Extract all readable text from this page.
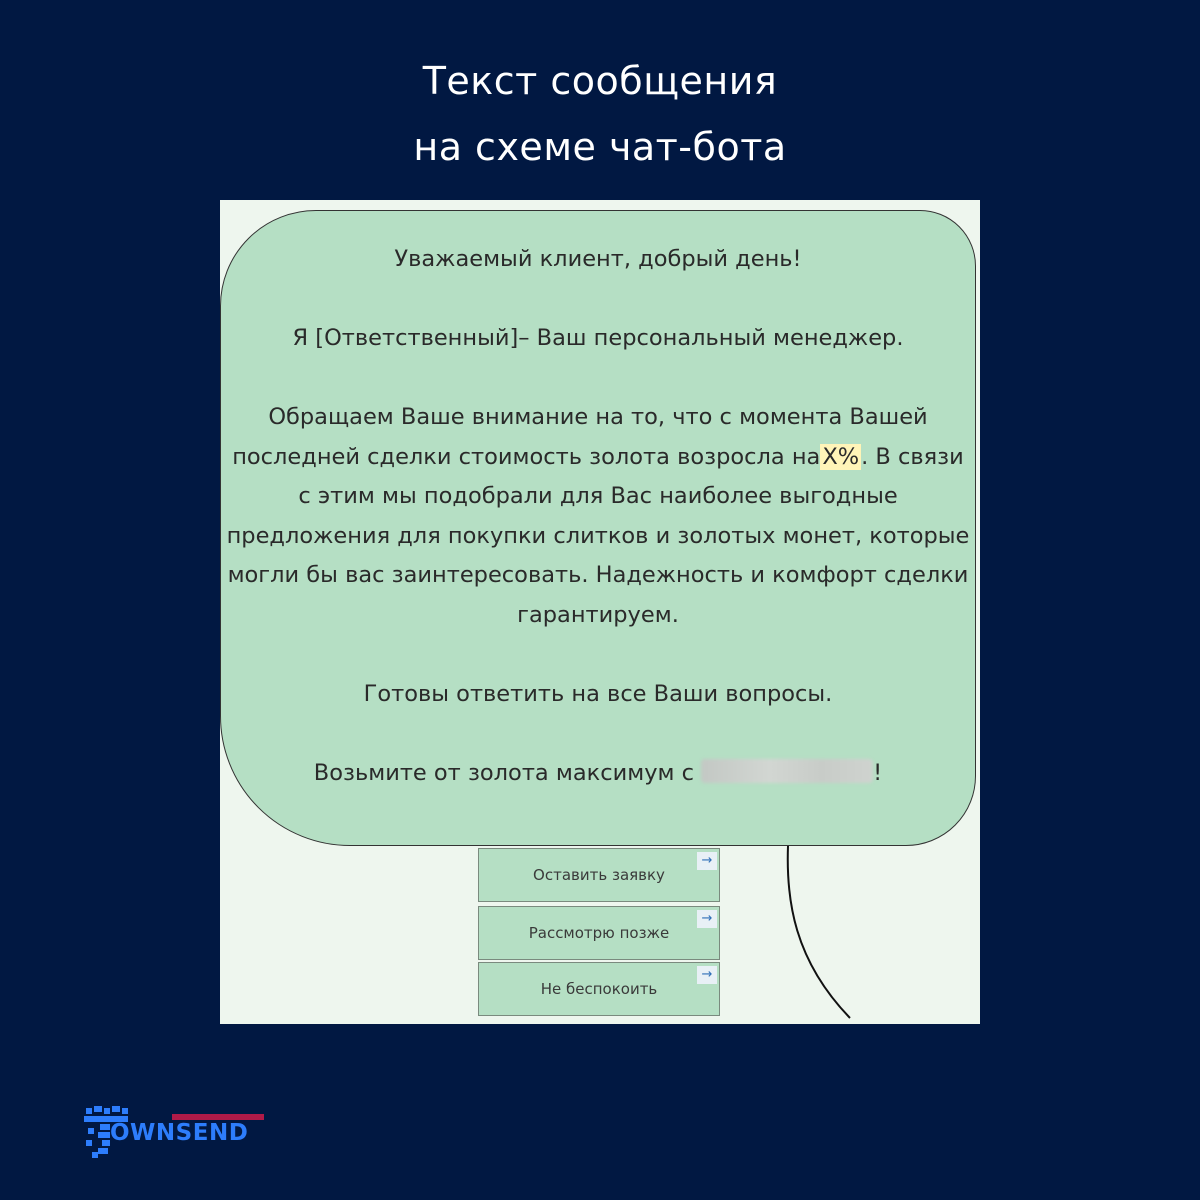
Текст сообщения
на схеме чат-бота

Уважаемый клиент, добрый день!

Я [Ответственный]– Ваш персональный менеджер.

Обращаем Ваше внимание на то, что с момента Вашей последней сделки стоимость золота возросла наX%. В связи с этим мы подобрали для Вас наиболее выгодные предложения для покупки слитков и золотых монет, которые могли бы вас заинтересовать. Надежность и комфорт сделки гарантируем.

Готовы ответить на все Ваши вопросы.

Возьмите от золота максимум с	!

Оставить заявку
→
Рассмотрю позже
→
Не беспокоить
→
OWNSEND
